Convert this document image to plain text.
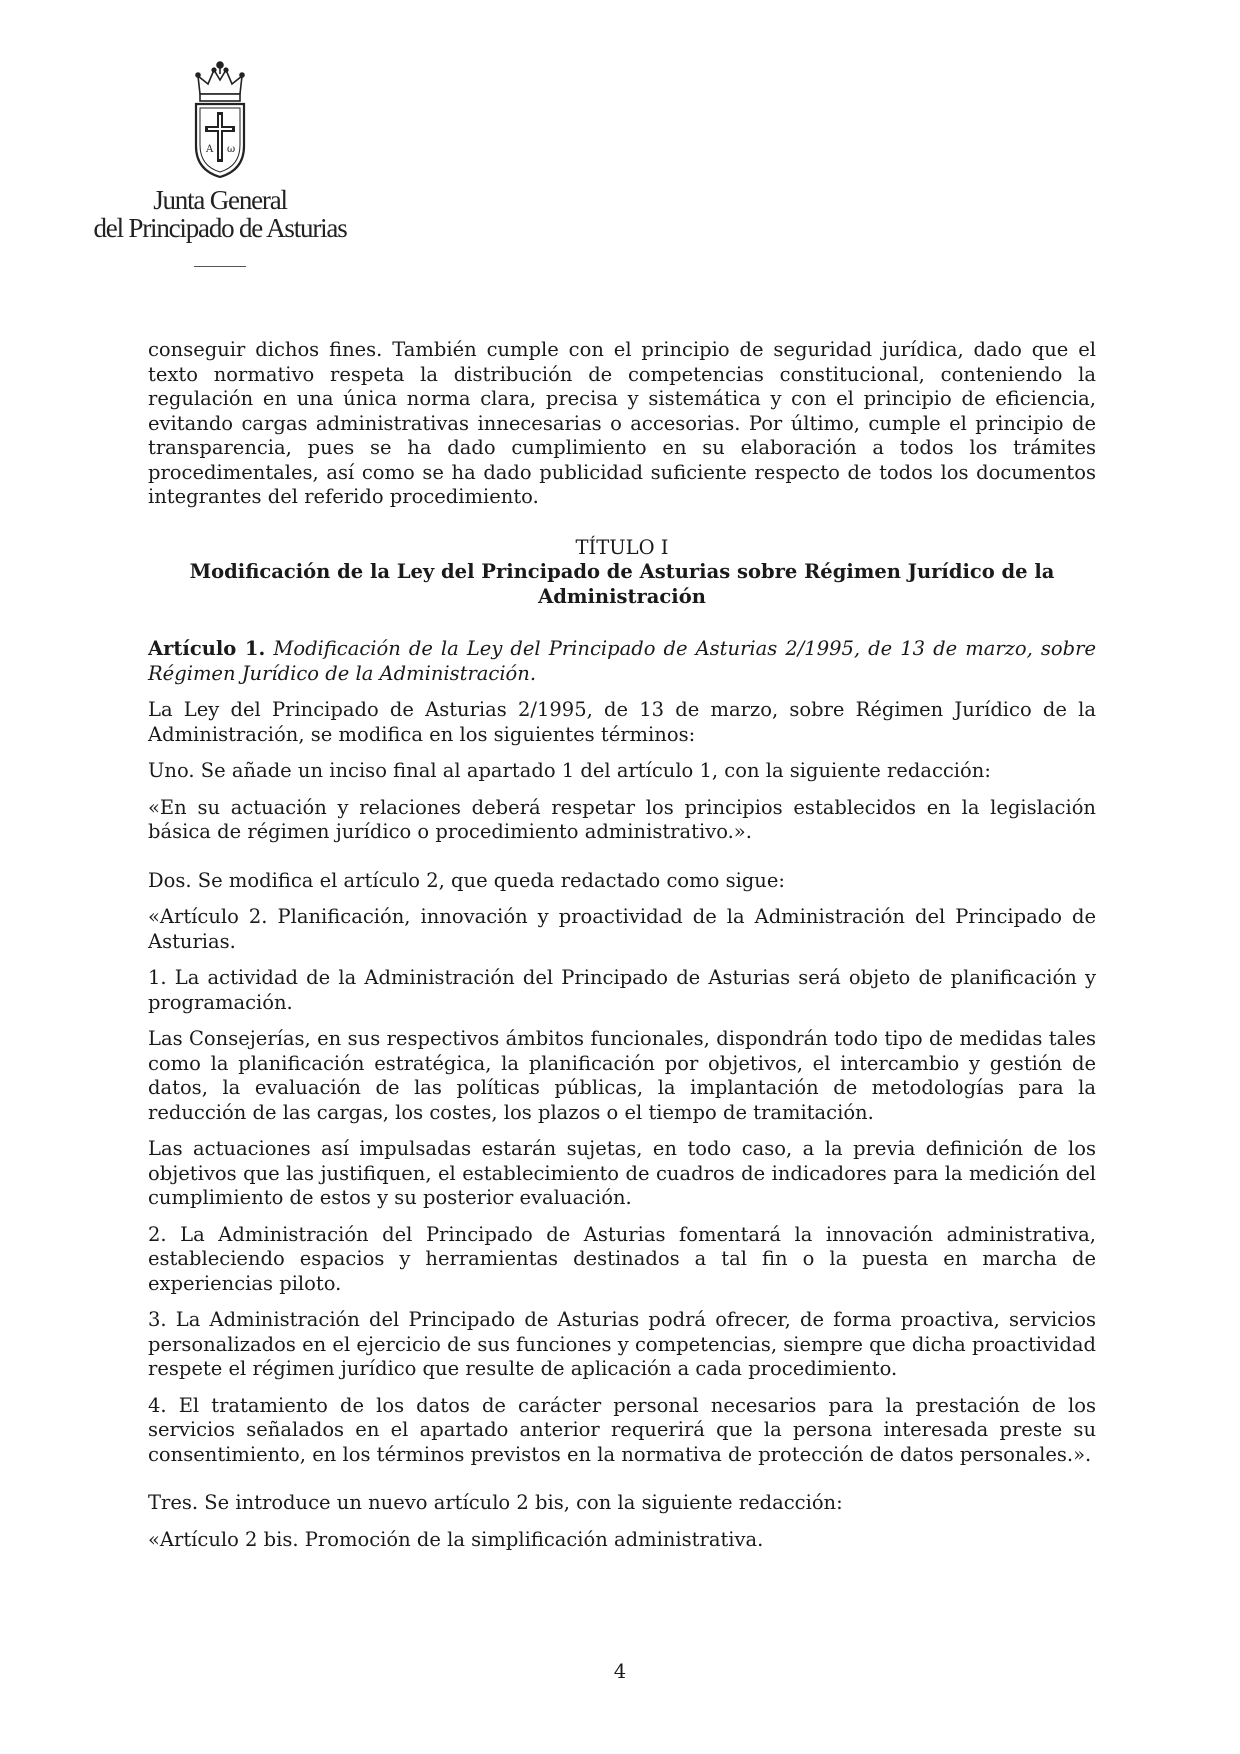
A ω
Junta General
del Principado de Asturias

conseguir dichos fines. También cumple con el principio de seguridad jurídica, dado que el texto normativo respeta la distribución de competencias constitucional, conteniendo la regulación en una única norma clara, precisa y sistemática y con el principio de eficiencia, evitando cargas administrativas innecesarias o accesorias. Por último, cumple el principio de transparencia, pues se ha dado cumplimiento en su elaboración a todos los trámites procedimentales, así como se ha dado publicidad suficiente respecto de todos los documentos integrantes del referido procedimiento.

TÍTULO I
Modificación de la Ley del Principado de Asturias sobre Régimen Jurídico de la Administración

Artículo 1. Modificación de la Ley del Principado de Asturias 2/1995, de 13 de marzo, sobre Régimen Jurídico de la Administración.

La Ley del Principado de Asturias 2/1995, de 13 de marzo, sobre Régimen Jurídico de la Administración, se modifica en los siguientes términos:

Uno. Se añade un inciso final al apartado 1 del artículo 1, con la siguiente redacción:

«En su actuación y relaciones deberá respetar los principios establecidos en la legislación básica de régimen jurídico o procedimiento administrativo.».

Dos. Se modifica el artículo 2, que queda redactado como sigue:

«Artículo 2. Planificación, innovación y proactividad de la Administración del Principado de Asturias.

1. La actividad de la Administración del Principado de Asturias será objeto de planificación y programación.

Las Consejerías, en sus respectivos ámbitos funcionales, dispondrán todo tipo de medidas tales como la planificación estratégica, la planificación por objetivos, el intercambio y gestión de datos, la evaluación de las políticas públicas, la implantación de metodologías para la reducción de las cargas, los costes, los plazos o el tiempo de tramitación.

Las actuaciones así impulsadas estarán sujetas, en todo caso, a la previa definición de los objetivos que las justifiquen, el establecimiento de cuadros de indicadores para la medición del cumplimiento de estos y su posterior evaluación.

2. La Administración del Principado de Asturias fomentará la innovación administrativa, estableciendo espacios y herramientas destinados a tal fin o la puesta en marcha de experiencias piloto.

3. La Administración del Principado de Asturias podrá ofrecer, de forma proactiva, servicios personalizados en el ejercicio de sus funciones y competencias, siempre que dicha proactividad respete el régimen jurídico que resulte de aplicación a cada procedimiento.

4. El tratamiento de los datos de carácter personal necesarios para la prestación de los servicios señalados en el apartado anterior requerirá que la persona interesada preste su consentimiento, en los términos previstos en la normativa de protección de datos personales.».

Tres. Se introduce un nuevo artículo 2 bis, con la siguiente redacción:

«Artículo 2 bis. Promoción de la simplificación administrativa.

4
